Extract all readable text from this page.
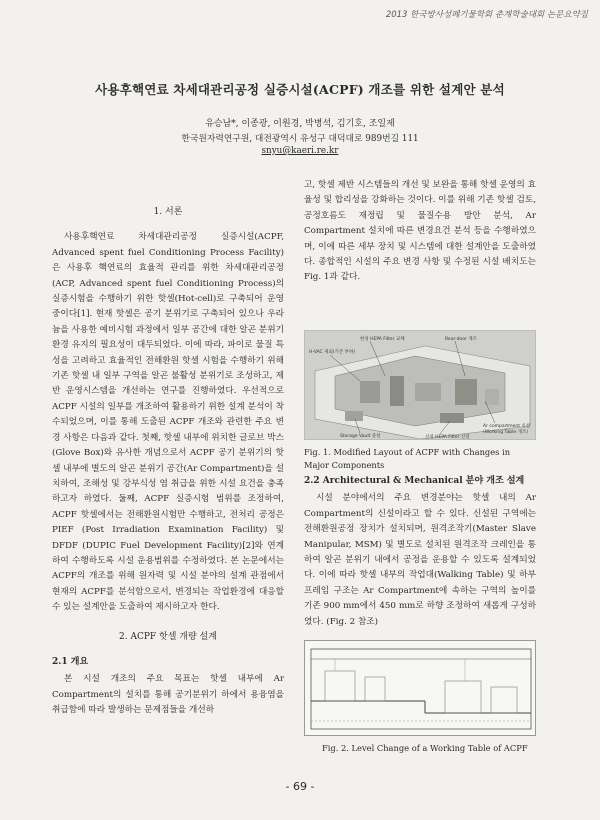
2013 한국방사성폐기물학회 춘계학술대회 논문요약집
사용후핵연료 차세대관리공정 실증시설(ACPF) 개조를 위한 설계안 분석
유승남*, 이종광, 이원경, 박병석, 김기호, 조일제
한국원자력연구원, 대전광역시 유성구 대덕대로 989번길 111
snyu@kaeri.re.kr
1. 서론

사용후핵연료 차세대관리공정 실증시설(ACPF, Advanced spent fuel Conditioning Process Facility)은 사용후 핵연료의 효율적 관리를 위한 차세대관리공정(ACP, Advanced spent fuel Conditioning Process)의 실증시험을 수행하기 위한 핫셀(Hot-cell)로 구축되어 운영 중이다[1]. 현재 핫셀은 공기 분위기로 구축되어 있으나 우라늄을 사용한 예비시험 과정에서 일부 공간에 대한 알곤 분위기 환경 유지의 필요성이 대두되었다. 이에 따라, 파이로 물질 특성을 고려하고 효율적인 전해환원 핫셀 시험을 수행하기 위해 기존 핫셀 내 일부 구역을 알곤 불활성 분위기로 조성하고, 제반 운영시스템을 개선하는 연구를 진행하였다. 우선적으로 ACPF 시설의 일부를 개조하여 활용하기 위한 설계 분석이 착수되었으며, 이를 통해 도출된 ACPF 개조와 관련한 주요 변경 사항은 다음과 같다. 첫째, 핫셀 내부에 위치한 글로브 박스(Glove Box)와 유사한 개념으로서 ACPF 공기 분위기의 핫셀 내부에 별도의 알곤 분위기 공간(Ar Compartment)을 설치하여, 조해성 및 강부식성 염 취급을 위한 시설 요건을 충족하고자 하였다. 둘째, ACPF 실증시험 범위를 조정하여, ACPF 핫셀에서는 전해환원시험만 수행하고, 전처리 공정은 PIEF (Post Irradiation Examination Facility) 및 DFDF (DUPIC Fuel Development Facility)[2]와 연계하여 수행하도록 시설 운용범위를 수정하였다. 본 논문에서는 ACPF의 개조를 위해 원자력 및 시설 분야의 설계 관점에서 현재의 ACPF를 분석함으로서, 변경되는 작업환경에 대응할 수 있는 설계안을 도출하여 제시하고자 한다.

2. ACPF 핫셀 개량 설계
2.1 개요

본 시설 개조의 주요 목표는 핫셀 내부에 Ar Compartment의 설치를 통해 공기분위기 하에서 용융염을 취급함에 따라 발생하는 문제점들을 개선하

고, 핫셀 제반 시스템들의 개선 및 보완을 통해 핫셀 운영의 효율성 및 합리성을 강화하는 것이다. 이를 위해 기존 핫셀 검토, 공정호름도 재정립 및 물질수용 방안 분석, Ar Compartment 설치에 따른 변경요건 분석 등을 수행하였으며, 이에 따른 세부 장치 및 시스템에 대한 설계안을 도출하였다. 종합적인 시설의 주요 변경 사항 및 수정된 시설 배치도는 Fig. 1과 같다.

한성 HEPA Filter 교체
H-VAC 제외(기존 부하)
Rear-door 개조
Ar compartment 신설
(Working Table 개조)
Storage Vault 증설	신설 HEPA Filter 신설
Fig. 1. Modified Layout of ACPF with Changes in Major Components
2.2 Architectural & Mechanical 분야 개조 설계

시설 분야에서의 주요 변경분야는 핫셀 내의 Ar Compartment의 신설이라고 할 수 있다. 신설된 구역에는 전해환원공정 장치가 설치되며, 원격조작기(Master Slave Manipular, MSM) 및 별도로 설치된 원격조작 크레인을 통하여 알곤 분위기 내에서 공정을 운용할 수 있도록 설계되었다. 이에 따라 핫셀 내부의 작업대(Walking Table) 및 하부프레임 구조는 Ar Compartment에 속하는 구역의 높이를 기존 900 mm에서 450 mm로 하향 조정하여 새롭게 구성하였다. (Fig. 2 참조)

Fig. 2. Level Change of a Working Table of ACPF
- 69 -
